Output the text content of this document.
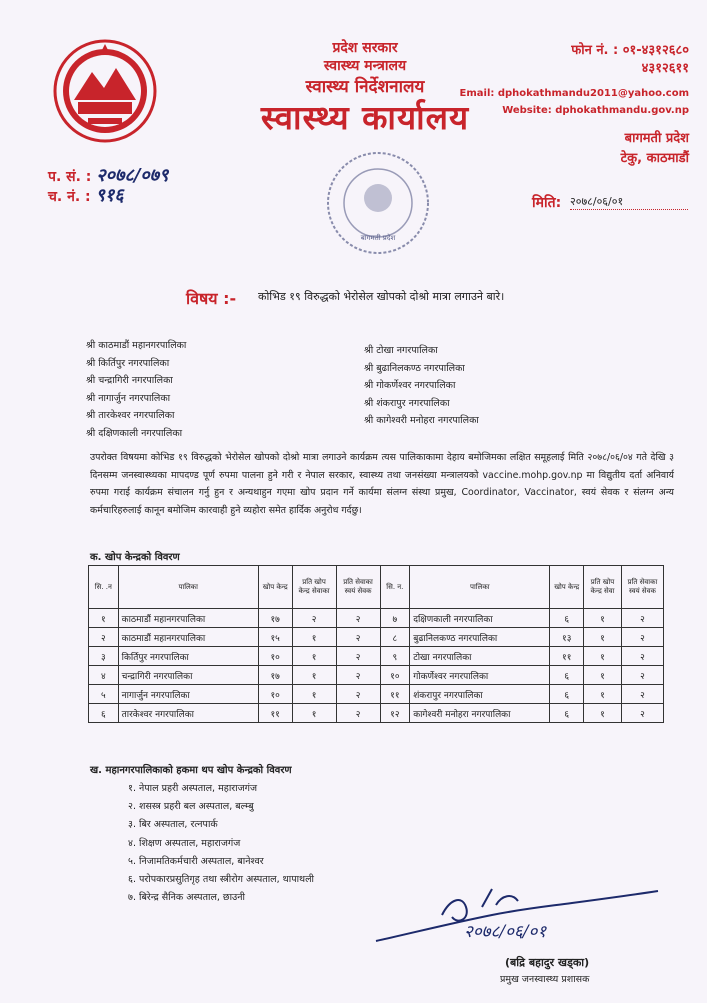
प्रदेश सरकार
स्वास्थ्य मन्त्रालय
स्वास्थ्य निर्देशनालय
स्वास्थ्य कार्यालय
फोन नं. : ०१-४३१२६८०
४३१२६११
Email: dphokathmandu2011@yahoo.com
Website: dphokathmandu.gov.np
बागमती प्रदेश
टेकु, काठमाडौं
प. सं. : २०७८/०७९
च. नं. : ९१६
बागमती प्रदेश
मिति: २०७८/०६/०१
विषय :- कोभिड १९ विरुद्धको भेरोसेल खोपको दोश्रो मात्रा लगाउने बारे।
श्री काठमाडौं महानगरपालिका
श्री किर्तिपुर नगरपालिका
श्री चन्द्रागिरी नगरपालिका
श्री नागार्जुन नगरपालिका
श्री तारकेश्वर नगरपालिका
श्री दक्षिणकाली नगरपालिका
श्री टोखा नगरपालिका
श्री बुढानिलकण्ठ नगरपालिका
श्री गोकर्णेश्वर नगरपालिका
श्री शंकरापुर नगरपालिका
श्री कागेश्वरी मनोहरा नगरपालिका
उपरोक्त विषयमा कोभिड १९ विरुद्धको भेरोसेल खोपको दोश्रो मात्रा लगाउने कार्यक्रम त्यस पालिकाकामा देहाय बमोजिमका लक्षित समूहलाई मिति २०७८/०६/०४ गते देखि ३ दिनसम्म जनस्वास्थ्यका मापदण्ड पूर्ण रुपमा पालना हुने गरी र नेपाल सरकार, स्वास्थ्य तथा जनसंख्या मन्त्रालयको vaccine.mohp.gov.np मा विद्युतीय दर्ता अनिवार्य रुपमा गराई कार्यक्रम संचालन गर्नु हुन र अन्यथाहुन गएमा खोप प्रदान गर्ने कार्यमा संलग्न संस्था प्रमुख, Coordinator, Vaccinator, स्वयं सेवक र संलग्न अन्य कर्मचारिहरुलाई कानून बमोजिम कारवाही हुने व्यहोरा समेत हार्दिक अनुरोध गर्दछु।
क. खोप केन्द्रको विवरण
सि. .न	पालिका	खोप केन्द्र	प्रति खोप केन्द्र सेवाका	प्रति सेवाका स्वयं सेवक	सि. न.	पालिका	खोप केन्द्र	प्रति खोप केन्द्र सेवा	प्रति सेवाका स्वयं सेवक
१	काठमाडौं महानगरपालिका	१७	२	२	७	दक्षिणकाली नगरपालिका	६	१	२
२	काठमाडौं महानगरपालिका	१५	१	२	८	बुढानिलकण्ठ नगरपालिका	१३	१	२
३	किर्तिपुर नगरपालिका	१०	१	२	९	टोखा नगरपालिका	११	१	२
४	चन्द्रागिरी नगरपालिका	१७	१	२	१०	गोकर्णेश्वर नगरपालिका	६	१	२
५	नागार्जुन नगरपालिका	१०	१	२	११	शंकरापुर नगरपालिका	६	१	२
६	तारकेश्वर नगरपालिका	११	१	२	१२	कागेश्वरी मनोहरा नगरपालिका	६	१	२
ख. महानगरपालिकाको हकमा थप खोप केन्द्रको विवरण
१. नेपाल प्रहरी अस्पताल, महाराजगंज
२. शसस्त्र प्रहरी बल अस्पताल, बल्म्बु
३. बिर अस्पताल, रत्नपार्क
४. शिक्षण अस्पताल, महाराजगंज
५. निजामतिकर्मचारी अस्पताल, बानेश्वर
६. परोपकारप्रसुतिगृह तथा स्त्रीरोग अस्पताल, थापाथली
७. बिरेन्द्र सैनिक अस्पताल, छाउनी
२०७८/०६/०१
(बद्रि बहादुर खड्का)
प्रमुख जनस्वास्थ्य प्रशासक
